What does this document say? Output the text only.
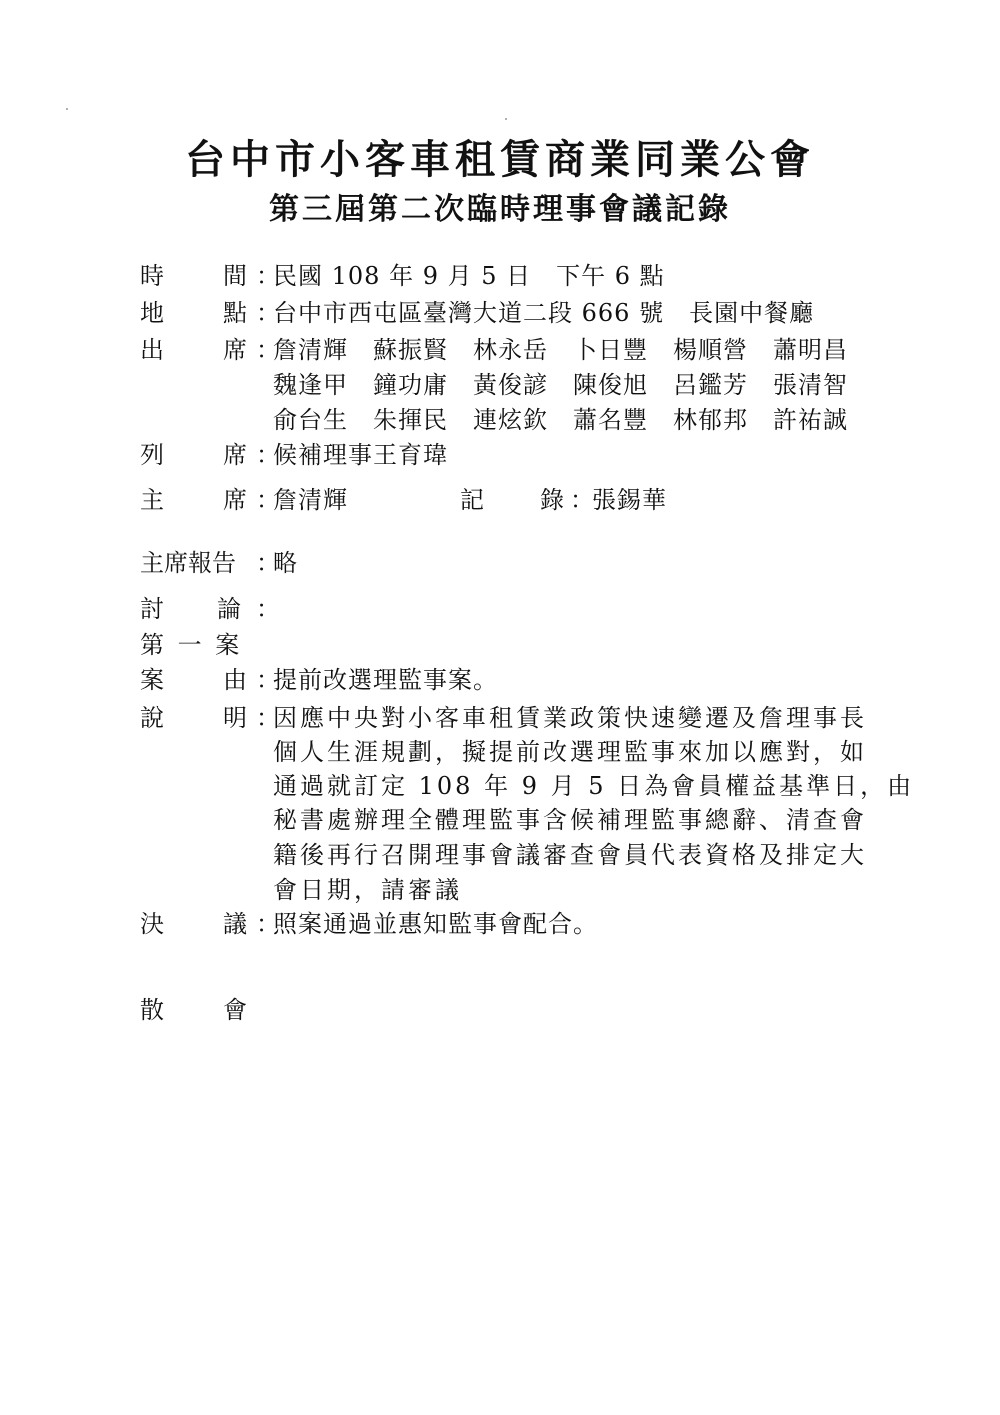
台中市小客車租賃商業同業公會
第三屆第二次臨時理事會議記錄
時 間 ：
民國 108 年 9 月 5 日　下午 6 點
地 點 ：
台中市西屯區臺灣大道二段 666 號　長園中餐廳
出 席 ：
詹清輝　蘇振賢　林永岳　卜日豐　楊順營　蕭明昌
魏逢甲　鐘功庸　黃俊諺　陳俊旭　呂鑑芳　張清智
俞台生　朱揮民　連炫欽　蕭名豐　林郁邦　許祐誠
列 席 ：
候補理事王育瑋
主 席 ：
詹清輝	記 錄 ：
張錫華
主席報告 ：
略
討 論 ：
第 一 案
案 由 ：
提前改選理監事案。
說 明 ：
因應中央對小客車租賃業政策快速變遷及詹理事長
個人生涯規劃，擬提前改選理監事來加以應對，如
通過就訂定 108 年 9 月 5 日為會員權益基準日，由
秘書處辦理全體理監事含候補理監事總辭、清查會
籍後再行召開理事會議審查會員代表資格及排定大
會日期，請審議
決 議 ：
照案通過並惠知監事會配合。
散 會
